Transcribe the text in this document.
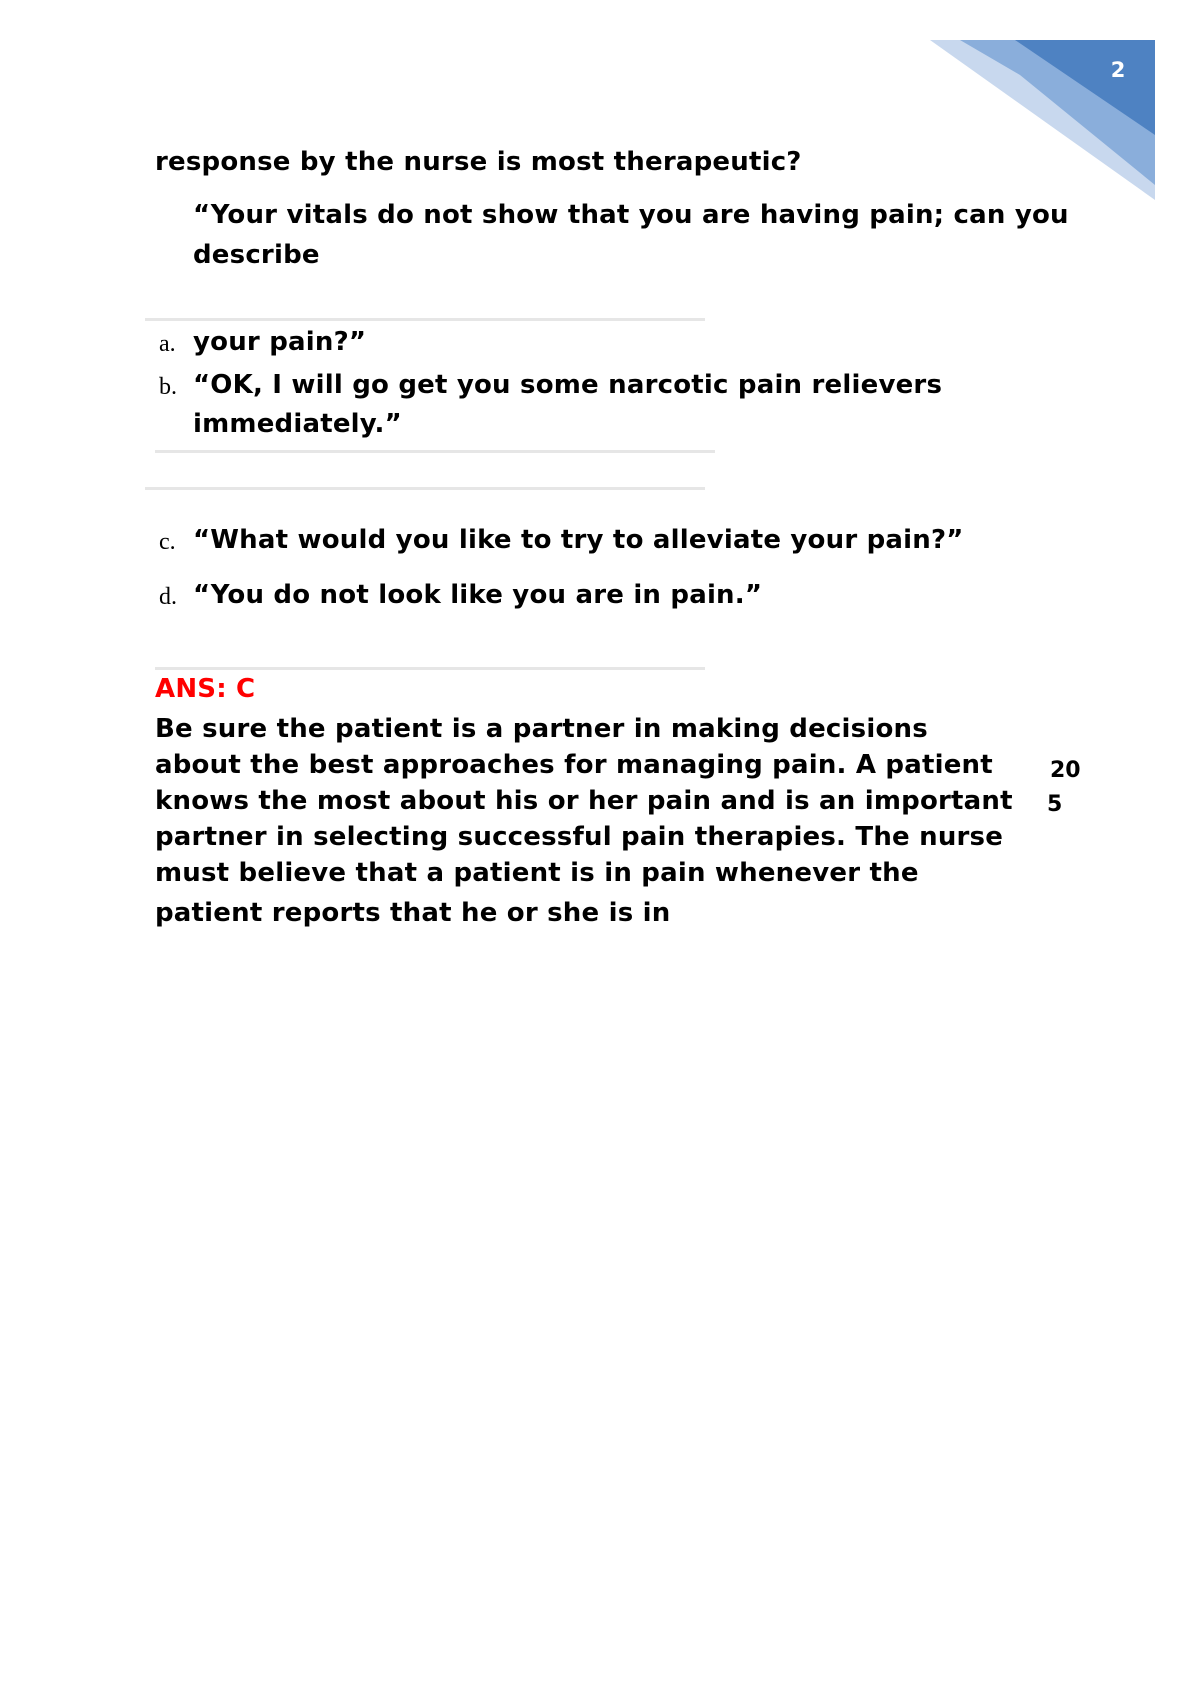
2
response by the nurse is most therapeutic?
“Your vitals do not show that you are having pain; can you
describe
a. your pain?”
b. “OK, I will go get you some narcotic pain relievers
immediately.”
c. “What would you like to try to alleviate your pain?”
d. “You do not look like you are in pain.”
ANS: C
Be sure the patient is a partner in making decisions
about the best approaches for managing pain. A patient
knows the most about his or her pain and is an important
partner in selecting successful pain therapies. The nurse
must believe that a patient is in pain whenever the
patient reports that he or she is in
20
5
